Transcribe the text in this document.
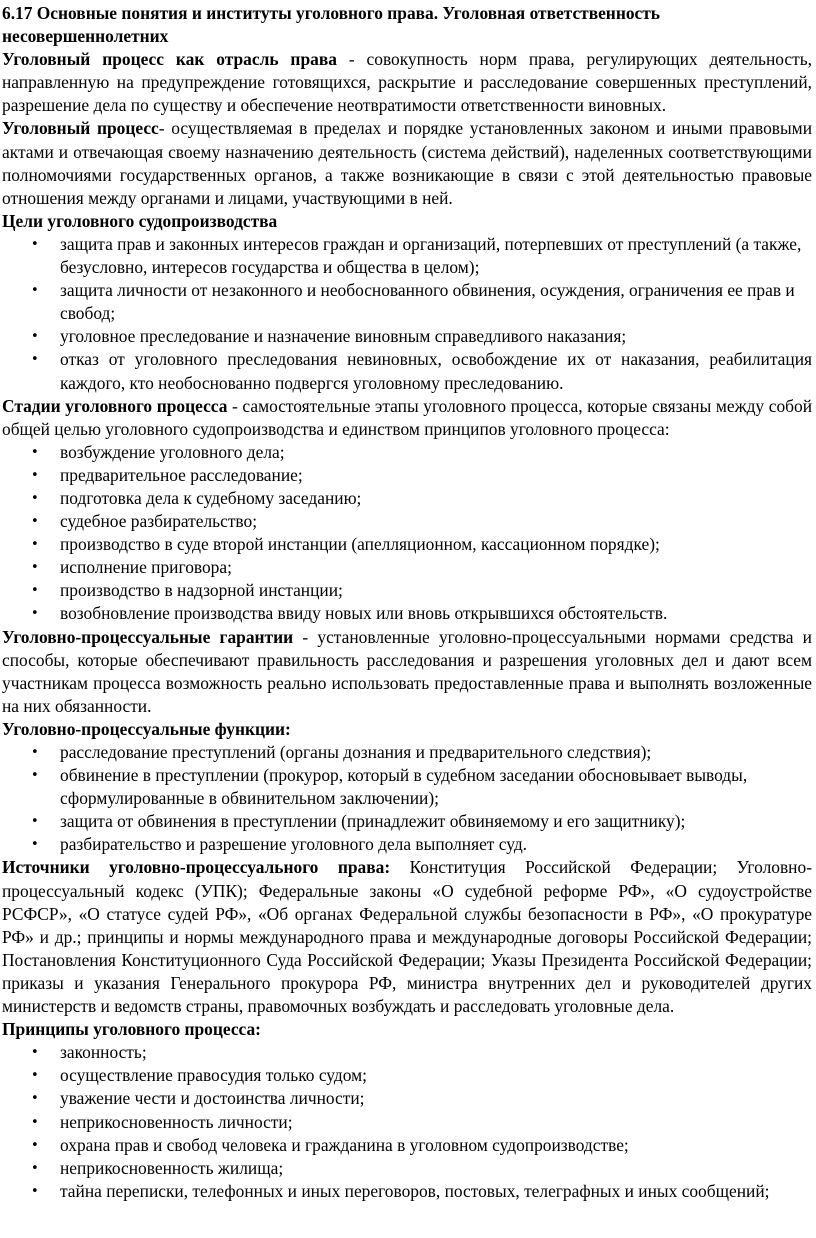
6.17 Основные понятия и институты уголовного права. Уголовная ответственность несовершеннолетних

Уголовный процесс как отрасль права - совокупность норм права, регулирующих деятельность, направленную на предупреждение готовящихся, раскрытие и расследование совершенных преступлений, разрешение дела по существу и обеспечение неотвратимости ответственности виновных.

Уголовный процесс- осуществляемая в пределах и порядке установленных законом и иными правовыми актами и отвечающая своему назначению деятельность (система действий), наделенных соответствующими полномочиями государственных органов, а также возникающие в связи с этой деятельностью правовые отношения между органами и лицами, участвующими в ней.

Цели уголовного судопроизводства

• защита прав и законных интересов граждан и организаций, потерпевших от преступлений (а также, безусловно, интересов государства и общества в целом);
• защита личности от незаконного и необоснованного обвинения, осуждения, ограничения ее прав и свобод;
• уголовное преследование и назначение виновным справедливого наказания;
• отказ от уголовного преследования невиновных, освобождение их от наказания, реабилитация каждого, кто необоснованно подвергся уголовному преследованию.

Стадии уголовного процесса - самостоятельные этапы уголовного процесса, которые связаны между собой общей целью уголовного судопроизводства и единством принципов уголовного процесса:

• возбуждение уголовного дела;
• предварительное расследование;
• подготовка дела к судебному заседанию;
• судебное разбирательство;
• производство в суде второй инстанции (апелляционном, кассационном порядке);
• исполнение приговора;
• производство в надзорной инстанции;
• возобновление производства ввиду новых или вновь открывшихся обстоятельств.

Уголовно-процессуальные гарантии - установленные уголовно-процессуальными нормами средства и способы, которые обеспечивают правильность расследования и разрешения уголовных дел и дают всем участникам процесса возможность реально использовать предоставленные права и выполнять возложенные на них обязанности.

Уголовно-процессуальные функции:

• расследование преступлений (органы дознания и предварительного следствия);
• обвинение в преступлении (прокурор, который в судебном заседании обосновывает выводы, сформулированные в обвинительном заключении);
• защита от обвинения в преступлении (принадлежит обвиняемому и его защитнику);
• разбирательство и разрешение уголовного дела выполняет суд.

Источники уголовно-процессуального права: Конституция Российской Федерации; Уголовно-процессуальный кодекс (УПК); Федеральные законы «О судебной реформе РФ», «О судоустройстве РСФСР», «О статусе судей РФ», «Об органах Федеральной службы безопасности в РФ», «О прокуратуре РФ» и др.; принципы и нормы международного права и международные договоры Российской Федерации; Постановления Конституционного Суда Российской Федерации; Указы Президента Российской Федерации; приказы и указания Генерального прокурора РФ, министра внутренних дел и руководителей других министерств и ведомств страны, правомочных возбуждать и расследовать уголовные дела.

Принципы уголовного процесса:

• законность;
• осуществление правосудия только судом;
• уважение чести и достоинства личности;
• неприкосновенность личности;
• охрана прав и свобод человека и гражданина в уголовном судопроизводстве;
• неприкосновенность жилища;
• тайна переписки, телефонных и иных переговоров, постовых, телеграфных и иных сообщений;
